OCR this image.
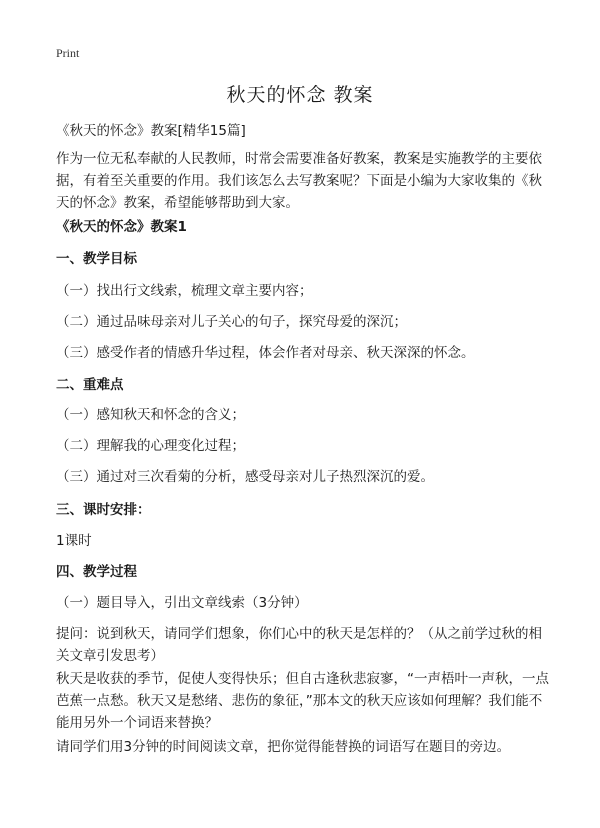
Print
秋天的怀念 教案
《秋天的怀念》教案[精华15篇]
作为一位无私奉献的人民教师，时常会需要准备好教案，教案是实施教学的主要依据，有着至关重要的作用。我们该怎么去写教案呢？下面是小编为大家收集的《秋天的怀念》教案，希望能够帮助到大家。
《秋天的怀念》教案1
一、教学目标
（一）找出行文线索，梳理文章主要内容；
（二）通过品味母亲对儿子关心的句子，探究母爱的深沉；
（三）感受作者的情感升华过程，体会作者对母亲、秋天深深的怀念。
二、重难点
（一）感知秋天和怀念的含义；
（二）理解我的心理变化过程；
（三）通过对三次看菊的分析，感受母亲对儿子热烈深沉的爱。
三、课时安排：
1课时
四、教学过程
（一）题目导入，引出文章线索（3分钟）
提问：说到秋天，请同学们想象，你们心中的秋天是怎样的？（从之前学过秋的相关文章引发思考）
秋天是收获的季节，促使人变得快乐；但自古逢秋悲寂寥，“一声梧叶一声秋，一点芭蕉一点愁。秋天又是愁绪、悲伤的象征，”那本文的秋天应该如何理解？我们能不能用另外一个词语来替换？
请同学们用3分钟的时间阅读文章，把你觉得能替换的词语写在题目的旁边。
